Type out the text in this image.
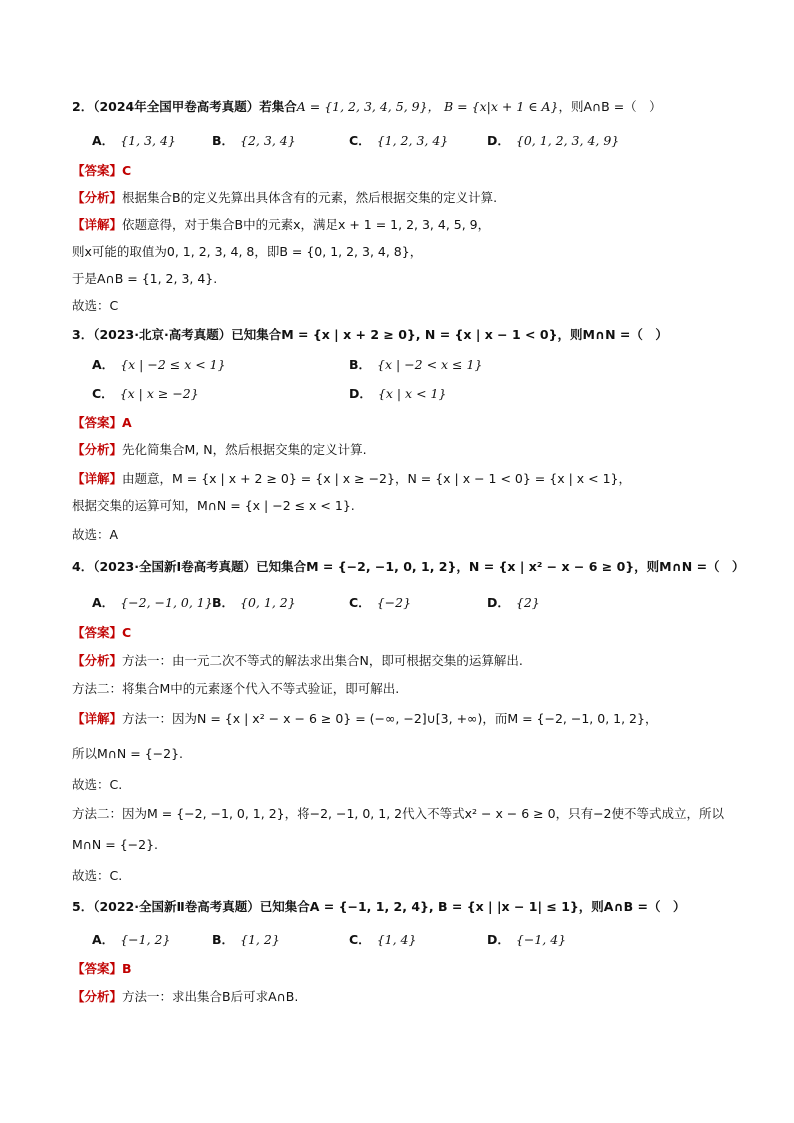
2．（2024年全国甲卷高考真题）若集合A = {1, 2, 3, 4, 5, 9}， B = {x|x + 1 ∈ A}，则A∩B =（　）
A． {1, 3, 4}	B． {2, 3, 4}	C． {1, 2, 3, 4}	D． {0, 1, 2, 3, 4, 9}
【答案】C
【分析】根据集合B的定义先算出具体含有的元素，然后根据交集的定义计算.
【详解】依题意得，对于集合B中的元素x，满足x + 1 = 1, 2, 3, 4, 5, 9，
则x可能的取值为0, 1, 2, 3, 4, 8，即B = {0, 1, 2, 3, 4, 8}，
于是A∩B = {1, 2, 3, 4}.
故选：C
3．（2023·北京·高考真题）已知集合M = {x | x + 2 ≥ 0}, N = {x | x − 1 < 0}，则M∩N =（　）
A． {x | −2 ≤ x < 1}	B． {x | −2 < x ≤ 1}
C． {x | x ≥ −2}	D． {x | x < 1}
【答案】A
【分析】先化简集合M, N，然后根据交集的定义计算.
【详解】由题意，M = {x | x + 2 ≥ 0} = {x | x ≥ −2}，N = {x | x − 1 < 0} = {x | x < 1}，
根据交集的运算可知，M∩N = {x | −2 ≤ x < 1}.
故选：A
4．（2023·全国新Ⅰ卷高考真题）已知集合M = {−2, −1, 0, 1, 2}，N = {x | x² − x − 6 ≥ 0}，则M∩N =（　）
A． {−2, −1, 0, 1} B． {0, 1, 2}	C． {−2}	D． {2}
【答案】C
【分析】方法一：由一元二次不等式的解法求出集合N，即可根据交集的运算解出.
方法二：将集合M中的元素逐个代入不等式验证，即可解出.
【详解】方法一：因为N = {x | x² − x − 6 ≥ 0} = (−∞, −2]∪[3, +∞)，而M = {−2, −1, 0, 1, 2}，
所以M∩N = {−2}.
故选：C.
方法二：因为M = {−2, −1, 0, 1, 2}，将−2, −1, 0, 1, 2代入不等式x² − x − 6 ≥ 0，只有−2使不等式成立，所以
M∩N = {−2}.
故选：C.
5．（2022·全国新Ⅱ卷高考真题）已知集合A = {−1, 1, 2, 4}, B = {x | |x − 1| ≤ 1}，则A∩B =（　）
A． {−1, 2}	B． {1, 2}	C． {1, 4}	D． {−1, 4}
【答案】B
【分析】方法一：求出集合B后可求A∩B.
